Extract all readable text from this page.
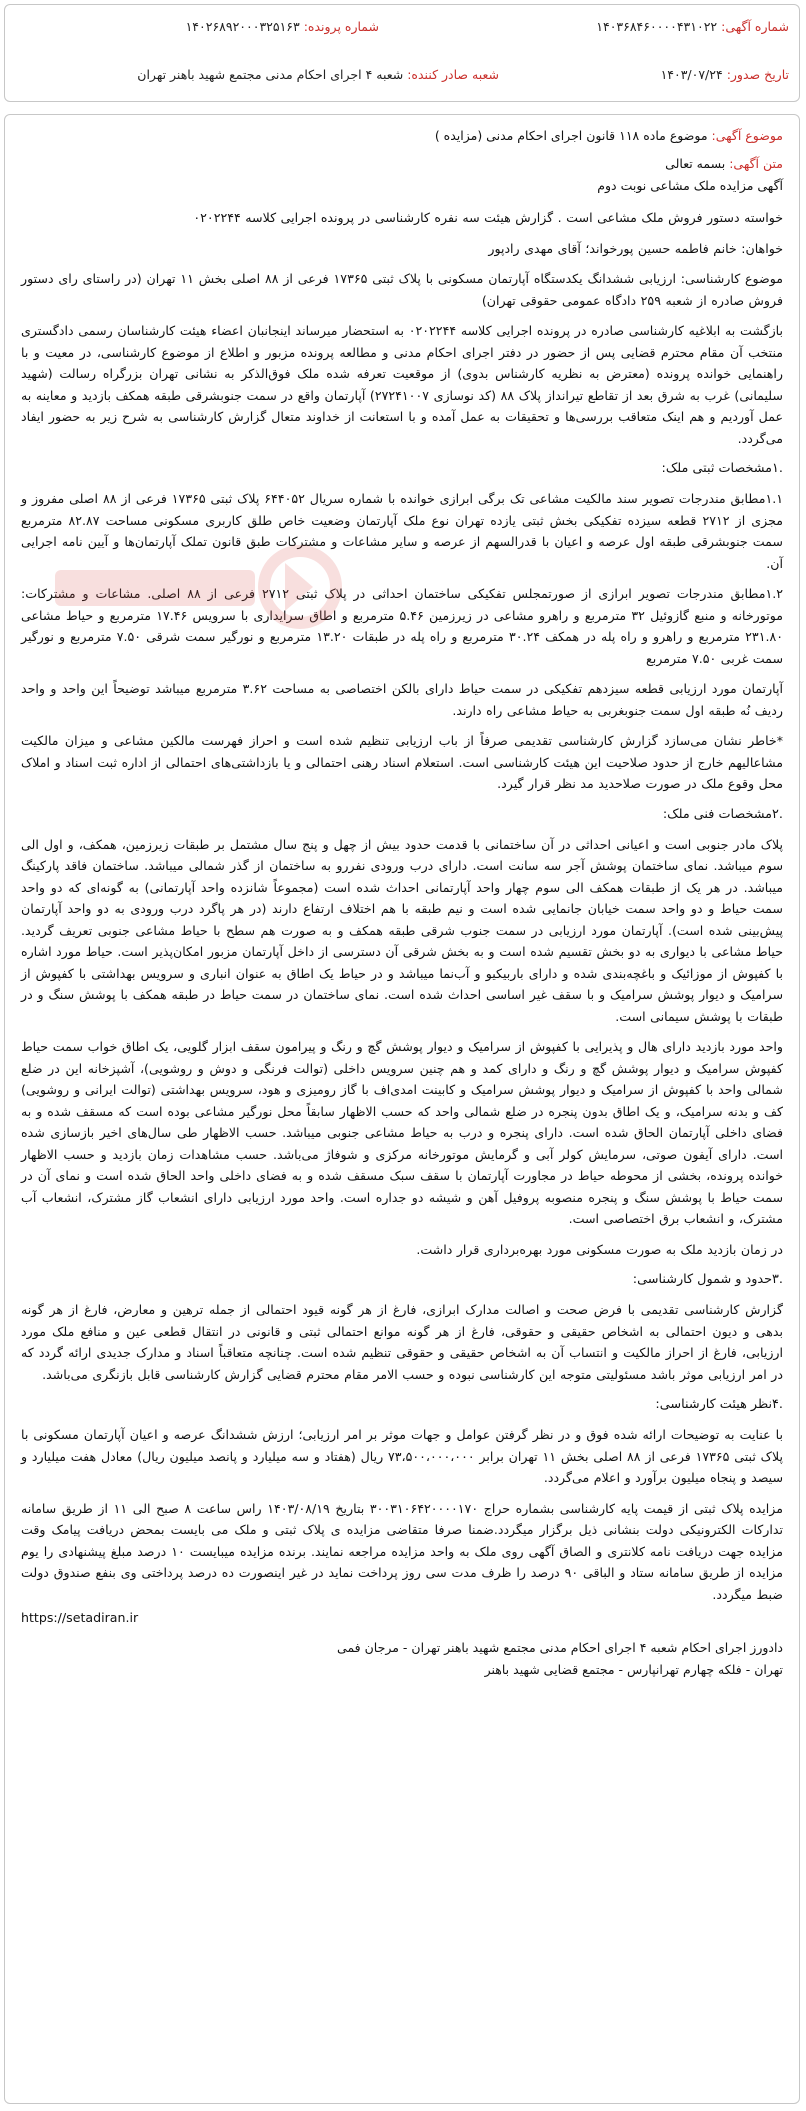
شماره آگهی: ۱۴۰۳۶۸۴۶۰۰۰۰۴۳۱۰۲۲
شماره پرونده: ۱۴۰۲۶۸۹۲۰۰۰۳۲۵۱۶۳
تاریخ صدور: ۱۴۰۳/۰۷/۲۴
شعبه صادر کننده: شعبه ۴ اجرای احکام مدنی مجتمع شهید باهنر تهران

موضوع آگهی: موضوع ماده ۱۱۸ قانون اجرای احکام مدنی (مزایده )

متن آگهی: بسمه تعالی

آگهی مزایده ملک مشاعی نوبت دوم

خواسته دستور فروش ملک مشاعی است . گزارش هیئت سه نفره کارشناسی در پرونده اجرایی کلاسه ۰۲۰۲۲۴۴

خواهان: خانم فاطمه حسین پورخواند؛ آقای مهدی رادپور

موضوع کارشناسی: ارزیابی ششدانگ یکدستگاه آپارتمان مسکونی با پلاک ثبتی ۱۷۳۶۵ فرعی از ۸۸ اصلی بخش ۱۱ تهران (در راستای رای دستور فروش صادره از شعبه ۲۵۹ دادگاه عمومی حقوقی تهران)

بازگشت به ابلاغیه کارشناسی صادره در پرونده اجرایی کلاسه ۰۲۰۲۲۴۴ به استحضار میرساند اینجانبان اعضاء هیئت کارشناسان رسمی دادگستری منتخب آن مقام محترم قضایی پس از حضور در دفتر اجرای احکام مدنی و مطالعه پرونده مزبور و اطلاع از موضوع کارشناسی، در معیت و با راهنمایی خوانده پرونده (معترض به نظریه کارشناس بدوی) از موقعیت تعرفه شده ملک فوق‌الذکر به نشانی تهران بزرگراه رسالت (شهید سلیمانی) غرب به شرق بعد از تقاطع تیرانداز پلاک ۸۸ (کد نوسازی ۲۷۲۴۱۰۰۷) آپارتمان واقع در سمت جنوبشرقی طبقه همکف بازدید و معاینه به عمل آوردیم و هم اینک متعاقب بررسی‌ها و تحقیقات به عمل آمده و با استعانت از خداوند متعال گزارش کارشناسی به شرح زیر به حضور ایفاد می‌گردد.

.۱مشخصات ثبتی ملک:

۱.۱مطابق مندرجات تصویر سند مالکیت مشاعی تک برگی ابرازی خوانده با شماره سریال ۶۴۴۰۵۲ پلاک ثبتی ۱۷۳۶۵ فرعی از ۸۸ اصلی مفروز و مجزی از ۲۷۱۲ قطعه سیزده تفکیکی بخش ثبتی یازده تهران نوع ملک آپارتمان وضعیت خاص طلق کاربری مسکونی مساحت ۸۲.۸۷ مترمربع سمت جنوبشرقی طبقه اول عرصه و اعیان با قدرالسهم از عرصه و سایر مشاعات و مشترکات طبق قانون تملک آپارتمان‌ها و آیین نامه اجرایی آن.

۱.۲مطابق مندرجات تصویر ابرازی از صورتمجلس تفکیکی ساختمان احداثی در پلاک ثبتی ۲۷۱۲ فرعی از ۸۸ اصلی. مشاعات و مشترکات: موتورخانه و منبع گازوئیل ۳۲ مترمربع و راهرو مشاعی در زیرزمین ۵.۴۶ مترمربع و اطاق سرایداری با سرویس ۱۷.۴۶ مترمربع و حیاط مشاعی ۲۳۱.۸۰ مترمربع و راهرو و راه پله در همکف ۳۰.۲۴ مترمربع و راه پله در طبقات ۱۳.۲۰ مترمربع و نورگیر سمت شرقی ۷.۵۰ مترمربع و نورگیر سمت غربی ۷.۵۰ مترمربع

آپارتمان مورد ارزیابی قطعه سیزدهم تفکیکی در سمت حیاط دارای بالکن اختصاصی به مساحت ۳.۶۲ مترمربع میباشد توضیحاً این واحد و واحد ردیف نُه طبقه اول سمت جنوبغربی به حیاط مشاعی راه دارند.

*خاطر نشان می‌سازد گزارش کارشناسی تقدیمی صرفاً از باب ارزیابی تنظیم شده است و احراز فهرست مالکین مشاعی و میزان مالکیت مشاعالیهم خارج از حدود صلاحیت این هیئت کارشناسی است. استعلام اسناد رهنی احتمالی و یا بازداشتی‌های احتمالی از اداره ثبت اسناد و املاک محل وقوع ملک در صورت صلاحدید مد نظر قرار گیرد.

.۲مشخصات فنی ملک:

پلاک مادر جنوبی است و اعیانی احداثی در آن ساختمانی با قدمت حدود بیش از چهل و پنج سال مشتمل بر طبقات زیرزمین، همکف، و اول الی سوم میباشد. نمای ساختمان پوشش آجر سه سانت است. دارای درب ورودی نفررو به ساختمان از گذر شمالی میباشد. ساختمان فاقد پارکینگ میباشد. در هر یک از طبقات همکف الی سوم چهار واحد آپارتمانی احداث شده است (مجموعاً شانزده واحد آپارتمانی) به گونه‌ای که دو واحد سمت حیاط و دو واحد سمت خیابان جانمایی شده است و نیم طبقه با هم اختلاف ارتفاع دارند (در هر پاگرد درب ورودی به دو واحد آپارتمان پیش‌بینی شده است). آپارتمان مورد ارزیابی در سمت جنوب شرقی طبقه همکف و به صورت هم سطح با حیاط مشاعی جنوبی تعریف گردید. حیاط مشاعی با دیواری به دو بخش تقسیم شده است و به بخش شرقی آن دسترسی از داخل آپارتمان مزبور امکان‌پذیر است. حیاط مورد اشاره با کفپوش از موزائیک و باغچه‌بندی شده و دارای باربیکیو و آب‌نما میباشد و در حیاط یک اطاق به عنوان انباری و سرویس بهداشتی با کفپوش از سرامیک و دیوار پوشش سرامیک و با سقف غیر اساسی احداث شده است. نمای ساختمان در سمت حیاط در طبقه همکف با پوشش سنگ و در طبقات با پوشش سیمانی است.

واحد مورد بازدید دارای هال و پذیرایی با کفپوش از سرامیک و دیوار پوشش گچ و رنگ و پیرامون سقف ابزار گلویی، یک اطاق خواب سمت حیاط کفپوش سرامیک و دیوار پوشش گچ و رنگ و دارای کمد و هم چنین سرویس داخلی (توالت فرنگی و دوش و روشویی)، آشپزخانه این در ضلع شمالی واحد با کفپوش از سرامیک و دیوار پوشش سرامیک و کابینت امدی‌اف با گاز رومیزی و هود، سرویس بهداشتی (توالت ایرانی و روشویی) کف و بدنه سرامیک، و یک اطاق بدون پنجره در ضلع شمالی واحد که حسب الاظهار سابقاً محل نورگیر مشاعی بوده است که مسقف شده و به فضای داخلی آپارتمان الحاق شده است. دارای پنجره و درب به حیاط مشاعی جنوبی میباشد. حسب الاظهار طی سال‌های اخیر بازسازی شده است. دارای آیفون صوتی، سرمایش کولر آبی و گرمایش موتورخانه مرکزی و شوفاژ می‌باشد. حسب مشاهدات زمان بازدید و حسب الاظهار خوانده پرونده، بخشی از محوطه حیاط در مجاورت آپارتمان با سقف سبک مسقف شده و به فضای داخلی واحد الحاق شده است و نمای آن در سمت حیاط با پوشش سنگ و پنجره منصوبه پروفیل آهن و شیشه دو جداره است. واحد مورد ارزیابی دارای انشعاب گاز مشترک، انشعاب آب مشترک، و انشعاب برق اختصاصی است.

در زمان بازدید ملک به صورت مسکونی مورد بهره‌برداری قرار داشت.

.۳حدود و شمول کارشناسی:

گزارش کارشناسی تقدیمی با فرض صحت و اصالت مدارک ابرازی، فارغ از هر گونه قیود احتمالی از جمله ترهین و معارض، فارغ از هر گونه بدهی و دیون احتمالی به اشخاص حقیقی و حقوقی، فارغ از هر گونه موانع احتمالی ثبتی و قانونی در انتقال قطعی عین و منافع ملک مورد ارزیابی، فارغ از احراز مالکیت و انتساب آن به اشخاص حقیقی و حقوقی تنظیم شده است. چنانچه متعاقباً اسناد و مدارک جدیدی ارائه گردد که در امر ارزیابی موثر باشد مسئولیتی متوجه این کارشناسی نبوده و حسب الامر مقام محترم قضایی گزارش کارشناسی قابل بازنگری می‌باشد.

.۴نظر هیئت کارشناسی:

با عنایت به توضیحات ارائه شده فوق و در نظر گرفتن عوامل و جهات موثر بر امر ارزیابی؛ ارزش ششدانگ عرصه و اعیان آپارتمان مسکونی با پلاک ثبتی ۱۷۳۶۵ فرعی از ۸۸ اصلی بخش ۱۱ تهران برابر ۷۳،۵۰۰،۰۰۰،۰۰۰ ریال (هفتاد و سه میلیارد و پانصد میلیون ریال) معادل هفت میلیارد و سیصد و پنجاه میلیون برآورد و اعلام می‌گردد.

مزایده پلاک ثبتی از قیمت پایه کارشناسی بشماره حراج ۳۰۰۳۱۰۶۴۲۰۰۰۰۱۷۰ بتاریخ ۱۴۰۳/۰۸/۱۹ راس ساعت ۸ صبح الی ۱۱ از طریق سامانه تدارکات الکترونیکی دولت بنشانی ذیل برگزار میگردد.ضمنا صرفا متقاضی مزایده ی پلاک ثبتی و ملک می بایست بمحض دریافت پیامک وقت مزایده جهت دریافت نامه کلانتری و الصاق آگهی روی ملک به واحد مزایده مراجعه نمایند. برنده مزایده میبایست ۱۰ درصد مبلغ پیشنهادی را یوم مزایده از طریق سامانه ستاد و الباقی ۹۰ درصد را ظرف مدت سی روز پرداخت نماید در غیر اینصورت ده درصد پرداختی وی بنفع صندوق دولت ضبط میگردد.

https://setadiran.ir

دادورز اجرای احکام شعبه ۴ اجرای احکام مدنی مجتمع شهید باهنر تهران - مرجان فمی

تهران - فلکه چهارم تهرانپارس - مجتمع قضایی شهید باهنر
